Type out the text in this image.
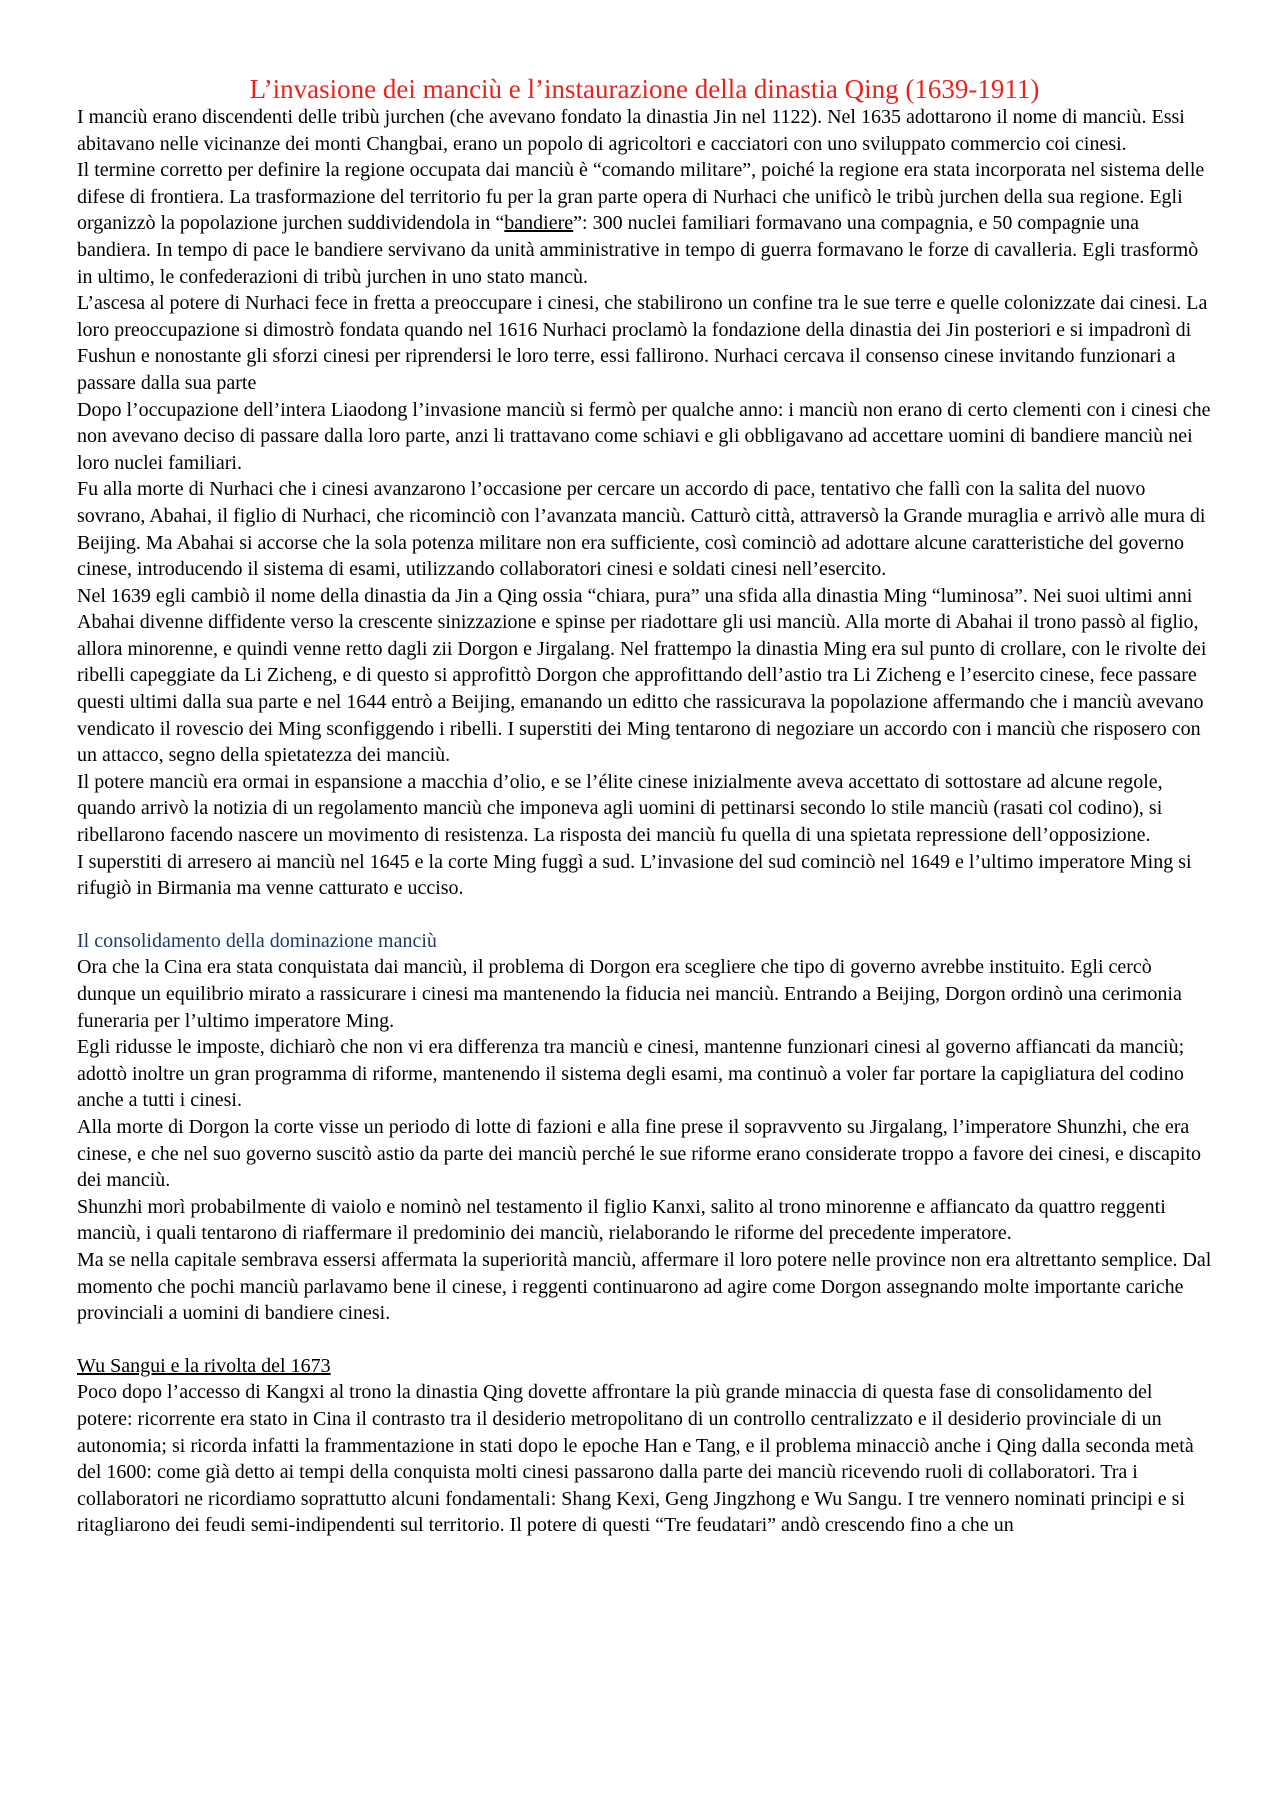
L’invasione dei manciù e l’instaurazione della dinastia Qing (1639-1911)

I manciù erano discendenti delle tribù jurchen (che avevano fondato la dinastia Jin nel 1122). Nel 1635 adottarono il nome di manciù. Essi abitavano nelle vicinanze dei monti Changbai, erano un popolo di agricoltori e cacciatori con uno sviluppato commercio coi cinesi.

Il termine corretto per definire la regione occupata dai manciù è “comando militare”, poiché la regione era stata incorporata nel sistema delle difese di frontiera. La trasformazione del territorio fu per la gran parte opera di Nurhaci che unificò le tribù jurchen della sua regione. Egli organizzò la popolazione jurchen suddividendola in “bandiere”: 300 nuclei familiari formavano una compagnia, e 50 compagnie una bandiera. In tempo di pace le bandiere servivano da unità amministrative in tempo di guerra formavano le forze di cavalleria. Egli trasformò in ultimo, le confederazioni di tribù jurchen in uno stato mancù.

L’ascesa al potere di Nurhaci fece in fretta a preoccupare i cinesi, che stabilirono un confine tra le sue terre e quelle colonizzate dai cinesi. La loro preoccupazione si dimostrò fondata quando nel 1616 Nurhaci proclamò la fondazione della dinastia dei Jin posteriori e si impadronì di Fushun e nonostante gli sforzi cinesi per riprendersi le loro terre, essi fallirono. Nurhaci cercava il consenso cinese invitando funzionari a passare dalla sua parte

Dopo l’occupazione dell’intera Liaodong l’invasione manciù si fermò per qualche anno: i manciù non erano di certo clementi con i cinesi che non avevano deciso di passare dalla loro parte, anzi li trattavano come schiavi e gli obbligavano ad accettare uomini di bandiere manciù nei loro nuclei familiari.

Fu alla morte di Nurhaci che i cinesi avanzarono l’occasione per cercare un accordo di pace, tentativo che fallì con la salita del nuovo sovrano, Abahai, il figlio di Nurhaci, che ricominciò con l’avanzata manciù. Catturò città, attraversò la Grande muraglia e arrivò alle mura di Beijing. Ma Abahai si accorse che la sola potenza militare non era sufficiente, così cominciò ad adottare alcune caratteristiche del governo cinese, introducendo il sistema di esami, utilizzando collaboratori cinesi e soldati cinesi nell’esercito.

Nel 1639 egli cambiò il nome della dinastia da Jin a Qing ossia “chiara, pura” una sfida alla dinastia Ming “luminosa”. Nei suoi ultimi anni Abahai divenne diffidente verso la crescente sinizzazione e spinse per riadottare gli usi manciù. Alla morte di Abahai il trono passò al figlio, allora minorenne, e quindi venne retto dagli zii Dorgon e Jirgalang. Nel frattempo la dinastia Ming era sul punto di crollare, con le rivolte dei ribelli capeggiate da Li Zicheng, e di questo si approfittò Dorgon che approfittando dell’astio tra Li Zicheng e l’esercito cinese, fece passare questi ultimi dalla sua parte e nel 1644 entrò a Beijing, emanando un editto che rassicurava la popolazione affermando che i manciù avevano vendicato il rovescio dei Ming sconfiggendo i ribelli. I superstiti dei Ming tentarono di negoziare un accordo con i manciù che risposero con un attacco, segno della spietatezza dei manciù.

Il potere manciù era ormai in espansione a macchia d’olio, e se l’élite cinese inizialmente aveva accettato di sottostare ad alcune regole, quando arrivò la notizia di un regolamento manciù che imponeva agli uomini di pettinarsi secondo lo stile manciù (rasati col codino), si ribellarono facendo nascere un movimento di resistenza. La risposta dei manciù fu quella di una spietata repressione dell’opposizione.

I superstiti di arresero ai manciù nel 1645 e la corte Ming fuggì a sud. L’invasione del sud cominciò nel 1649 e l’ultimo imperatore Ming si rifugiò in Birmania ma venne catturato e ucciso.

Il consolidamento della dominazione manciù

Ora che la Cina era stata conquistata dai manciù, il problema di Dorgon era scegliere che tipo di governo avrebbe instituito. Egli cercò dunque un equilibrio mirato a rassicurare i cinesi ma mantenendo la fiducia nei manciù. Entrando a Beijing, Dorgon ordinò una cerimonia funeraria per l’ultimo imperatore Ming.

Egli ridusse le imposte, dichiarò che non vi era differenza tra manciù e cinesi, mantenne funzionari cinesi al governo affiancati da manciù; adottò inoltre un gran programma di riforme, mantenendo il sistema degli esami, ma continuò a voler far portare la capigliatura del codino anche a tutti i cinesi.

Alla morte di Dorgon la corte visse un periodo di lotte di fazioni e alla fine prese il sopravvento su Jirgalang, l’imperatore Shunzhi, che era cinese, e che nel suo governo suscitò astio da parte dei manciù perché le sue riforme erano considerate troppo a favore dei cinesi, e discapito dei manciù.

Shunzhi morì probabilmente di vaiolo e nominò nel testamento il figlio Kanxi, salito al trono minorenne e affiancato da quattro reggenti manciù, i quali tentarono di riaffermare il predominio dei manciù, rielaborando le riforme del precedente imperatore.

Ma se nella capitale sembrava essersi affermata la superiorità manciù, affermare il loro potere nelle province non era altrettanto semplice. Dal momento che pochi manciù parlavamo bene il cinese, i reggenti continuarono ad agire come Dorgon assegnando molte importante cariche provinciali a uomini di bandiere cinesi.

Wu Sangui e la rivolta del 1673

Poco dopo l’accesso di Kangxi al trono la dinastia Qing dovette affrontare la più grande minaccia di questa fase di consolidamento del potere: ricorrente era stato in Cina il contrasto tra il desiderio metropolitano di un controllo centralizzato e il desiderio provinciale di un autonomia; si ricorda infatti la frammentazione in stati dopo le epoche Han e Tang, e il problema minacciò anche i Qing dalla seconda metà del 1600: come già detto ai tempi della conquista molti cinesi passarono dalla parte dei manciù ricevendo ruoli di collaboratori. Tra i collaboratori ne ricordiamo soprattutto alcuni fondamentali: Shang Kexi, Geng Jingzhong e Wu Sangu. I tre vennero nominati principi e si ritagliarono dei feudi semi-indipendenti sul territorio. Il potere di questi “Tre feudatari” andò crescendo fino a che un
